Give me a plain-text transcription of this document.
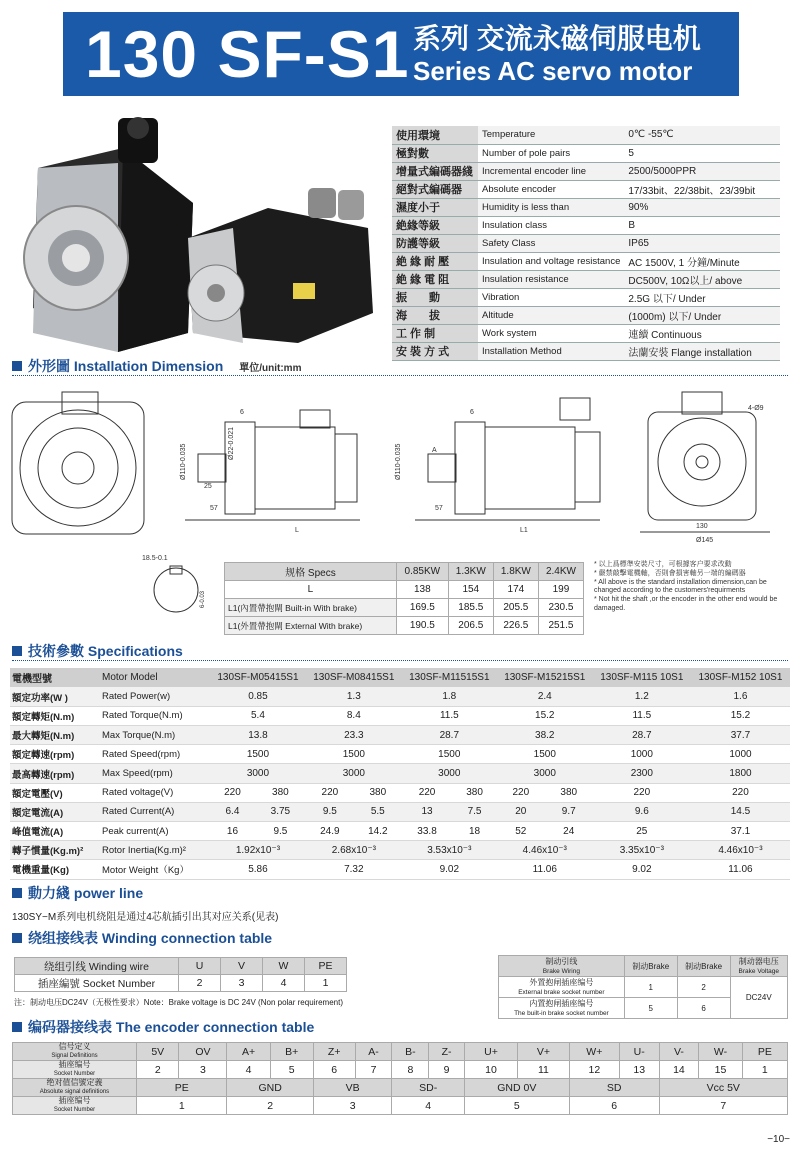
130 SF-S1 系列 交流永磁伺服电机
Series AC servo motor
使用環境	Temperature	0℃ -55℃
極對數	Number of pole pairs	5
增量式編碼器綫	Incremental encoder line	2500/5000PPR
絕對式編碼器	Absolute encoder	17/33bit、22/38bit、23/39bit
濕度小于	Humidity is less than	90%
絶緣等級	Insulation class	B
防護等級	Safety Class	IP65
絶 緣 耐 壓	Insulation and voltage resistance	AC 1500V, 1 分鐘/Minute
絶 緣 電 阻	Insulation resistance	DC500V, 10Ω以上/ above
振　　動	Vibration	2.5G 以下/ Under
海　　拔	Altitude	(1000m) 以下/ Under
工 作 制	Work system	連續 Continuous
安 裝 方 式	Installation Method	法蘭安裝 Flange installation
外形圖 Installation Dimension 單位/unit:mm
Ø110-0.035
Ø22-0.021
25
6
57
L
Ø110-0.035	A
6
57
L1
4-Ø9
130
Ø145
18.5-0.1
6-0.03
规格 Specs	0.85KW	1.3KW	1.8KW	2.4KW
L	138	154	174	199
L1(內置帶抱閘 Built-in With brake)	169.5	185.5	205.5	230.5
L1(外置帶抱閘 External With brake)	190.5	206.5	226.5	251.5
* 以上爲標準安裝尺寸，可根據客户要求改動
* 嚴禁敲擊電機軸，否則會損害軸另一端的編碼器
* All above is the standard installation dimension,can be changed according to the customers'requirments
* Not hit the shaft ,or the encoder in the other end would be damaged.
技術參數 Specifications
電機型號	Motor Model	130SF-M05415S1		130SF-M08415S1		130SF-M11515S1		130SF-M15215S1		130SF-M115 10S1	130SF-M152 10S1
額定功率(W )	Rated Power(w)	0.85		1.3		1.8		2.4		1.2	1.6
額定轉矩(N.m)	Rated Torque(N.m)	5.4		8.4		11.5		15.2		11.5	15.2
最大轉矩(N.m)	Max Torque(N.m)	13.8		23.3		28.7		38.2		28.7	37.7
額定轉速(rpm)	Rated Speed(rpm)	1500		1500		1500		1500		1000	1000
最高轉速(rpm)	Max Speed(rpm)	3000		3000		3000		3000		2300	1800
額定電壓(V)	Rated voltage(V)	220	380	220	380	220	380	220	380	220	220
額定電流(A)	Rated Current(A)	6.4	3.75	9.5	5.5	13	7.5	20	9.7	9.6	14.5
峰值電流(A)	Peak current(A)	16	9.5	24.9	14.2	33.8	18	52	24	25	37.1
轉子慣量(Kg.m)²	Rotor Inertia(Kg.m)²	1.92x10⁻³		2.68x10⁻³		3.53x10⁻³		4.46x10⁻³		3.35x10⁻³	4.46x10⁻³
電機重量(Kg)	Motor Weight（Kg）	5.86		7.32		9.02		11.06		9.02	11.06
動力綫 power line
130SY−M系列电机绕阻是通过4芯航插引出其对应关系(见表)
绕组接线表 Winding connection table
绕组引线 Winding wire	U	V	W	PE
插座編號 Socket Number	2	3	4	1
注：制动电压DC24V（无极性要求）Note：Brake voltage is DC 24V (Non polar requirement)
制动引线
Brake Wiring	制动Brake	制动Brake	制动器电压
Brake Voltage
外置抱闸插座编号
External brake socket number	1	2	DC24V
内置抱闸插座编号
The built-in brake socket number	5	6	
编码器接线表 The encoder connection table
信号定义
Signal Definitions	5V	OV	A+	B+	Z+	A-	B-	Z-	U+	V+	W+	U-	V-	W-	PE
插座编号
Socket Number	2	3	4	5	6	7	8	9	10	11	12	13	14	15	1
绝对值信號定義
Absolute signal definitions	PE		GND		VB		SD-		GND 0V		SD		Vcc 5V		
插座编号
Socket Number	1		2		3		4		5		6		7		
−10−
